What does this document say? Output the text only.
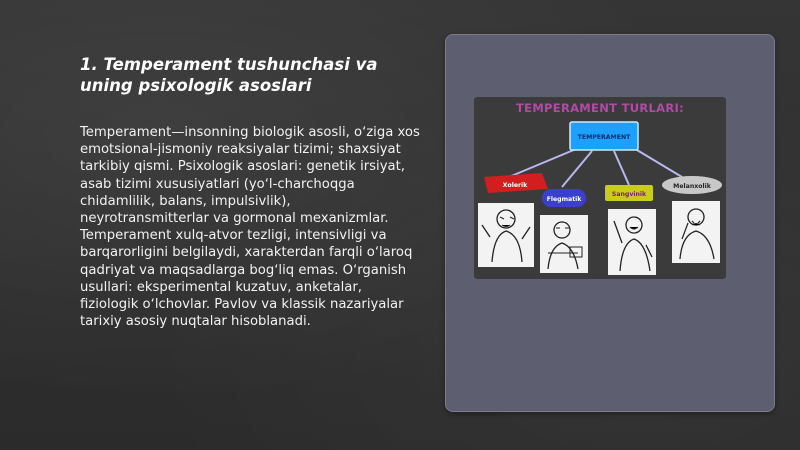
1. Temperament tushunchasi va uning psixologik asoslari

Temperament—insonning biologik asosli, oʻziga xos emotsional-jismoniy reaksiyalar tizimi; shaxsiyat tarkibiy qismi. Psixologik asoslari: genetik irsiyat, asab tizimi xususiyatlari (yoʻl-charchoqga chidamlilik, balans, impulsivlik), neyrotransmitterlar va gormonal mexanizmlar. Temperament xulq-atvor tezligi, intensivligi va barqarorligini belgilaydi, xarakterdan farqli oʻlaroq qadriyat va maqsadlarga bogʻliq emas. Oʻrganish usullari: eksperimental kuzatuv, anketalar, fiziologik oʻlchovlar. Pavlov va klassik nazariyalar tarixiy asosiy nuqtalar hisoblanadi.

TEMPERAMENT TURLARI:
TEMPERAMENT
Xolerik
Flegmatik
Sangvinik
Melanxolik
